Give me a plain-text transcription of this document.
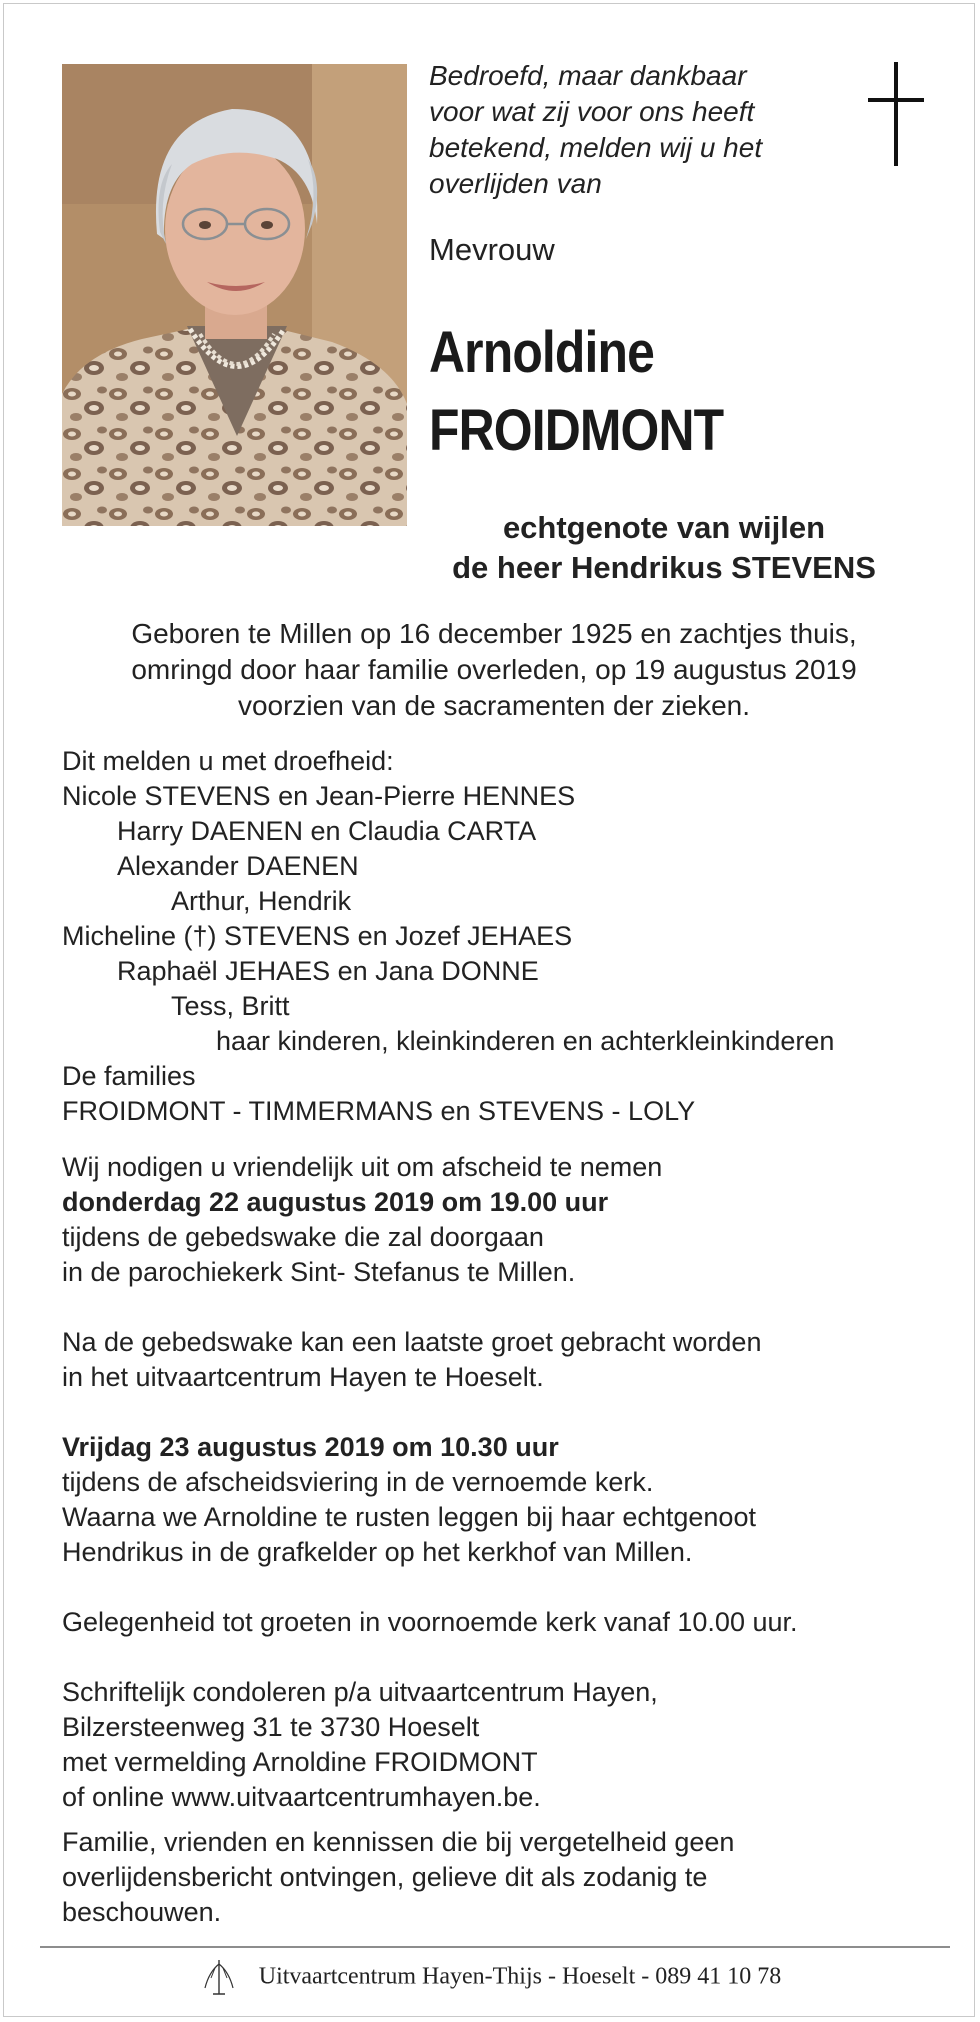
Bedroefd, maar dankbaar
voor wat zij voor ons heeft
betekend, melden wij u het
overlijden van
Mevrouw
Arnoldine
FROIDMONT
echtgenote van wijlen
de heer Hendrikus STEVENS
Geboren te Millen op 16 december 1925 en zachtjes thuis,
omringd door haar familie overleden, op 19 augustus 2019
voorzien van de sacramenten der zieken.
Dit melden u met droefheid:
Nicole STEVENS en Jean-Pierre HENNES
Harry DAENEN en Claudia CARTA
Alexander DAENEN
Arthur, Hendrik
Micheline (†) STEVENS en Jozef JEHAES
Raphaël JEHAES en Jana DONNE
Tess, Britt
haar kinderen, kleinkinderen en achterkleinkinderen
De families
FROIDMONT - TIMMERMANS en STEVENS - LOLY
Wij nodigen u vriendelijk uit om afscheid te nemen
donderdag 22 augustus 2019 om 19.00 uur
tijdens de gebedswake die zal doorgaan
in de parochiekerk Sint- Stefanus te Millen.
Na de gebedswake kan een laatste groet gebracht worden
in het uitvaartcentrum Hayen te Hoeselt.
Vrijdag 23 augustus 2019 om 10.30 uur
tijdens de afscheidsviering in de vernoemde kerk.
Waarna we Arnoldine te rusten leggen bij haar echtgenoot
Hendrikus in de grafkelder op het kerkhof van Millen.
Gelegenheid tot groeten in voornoemde kerk vanaf 10.00 uur.
Schriftelijk condoleren p/a uitvaartcentrum Hayen,
Bilzersteenweg 31 te 3730 Hoeselt
met vermelding Arnoldine FROIDMONT
of online www.uitvaartcentrumhayen.be.
Familie, vrienden en kennissen die bij vergetelheid geen
overlijdensbericht ontvingen, gelieve dit als zodanig te
beschouwen.
Uitvaartcentrum Hayen-Thijs - Hoeselt - 089 41 10 78
